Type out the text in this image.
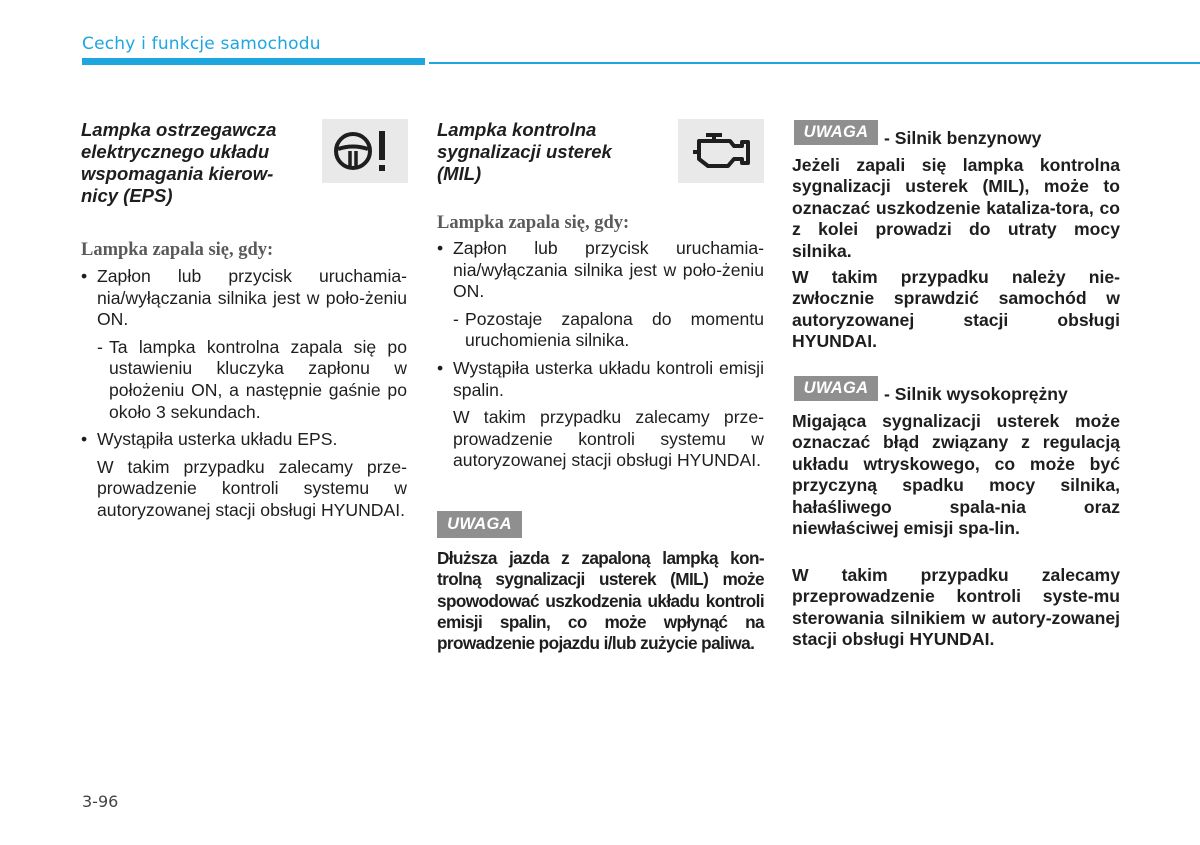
Cechy i funkcje samochodu
Lampka ostrzegawcza
elektrycznego układu
wspomagania kierow-
nicy (EPS)
Lampka zapala się, gdy:
• Zapłon lub przycisk uruchamia-nia/wyłączania silnika jest w poło-żeniu ON.
- Ta lampka kontrolna zapala się po ustawieniu kluczyka zapłonu w położeniu ON, a następnie gaśnie po około 3 sekundach.
• Wystąpiła usterka układu EPS.
W takim przypadku zalecamy prze-prowadzenie kontroli systemu w autoryzowanej stacji obsługi HYUNDAI.
Lampka kontrolna
sygnalizacji usterek
(MIL)
Lampka zapala się, gdy:
• Zapłon lub przycisk uruchamia-nia/wyłączania silnika jest w poło-żeniu ON.
- Pozostaje zapalona do momentu uruchomienia silnika.
• Wystąpiła usterka układu kontroli emisji spalin.
W takim przypadku zalecamy prze-prowadzenie kontroli systemu w autoryzowanej stacji obsługi HYUNDAI.
UWAGA
Dłuższa jazda z zapaloną lampką kon-trolną sygnalizacji usterek (MIL) może spowodować uszkodzenia układu kontroli emisji spalin, co może wpłynąć na prowadzenie pojazdu i/lub zużycie paliwa.
UWAGA - Silnik benzynowy
Jeżeli zapali się lampka kontrolna sygnalizacji usterek (MIL), może to oznaczać uszkodzenie kataliza-tora, co z kolei prowadzi do utraty mocy silnika.
W takim przypadku należy nie-zwłocznie sprawdzić samochód w autoryzowanej stacji obsługi HYUNDAI.
UWAGA - Silnik wysokoprężny
Migająca sygnalizacji usterek może oznaczać błąd związany z regulacją układu wtryskowego, co może być przyczyną spadku mocy silnika, hałaśliwego spala-nia oraz niewłaściwej emisji spa-lin.
W takim przypadku zalecamy przeprowadzenie kontroli syste-mu sterowania silnikiem w autory-zowanej stacji obsługi HYUNDAI.
3-96
